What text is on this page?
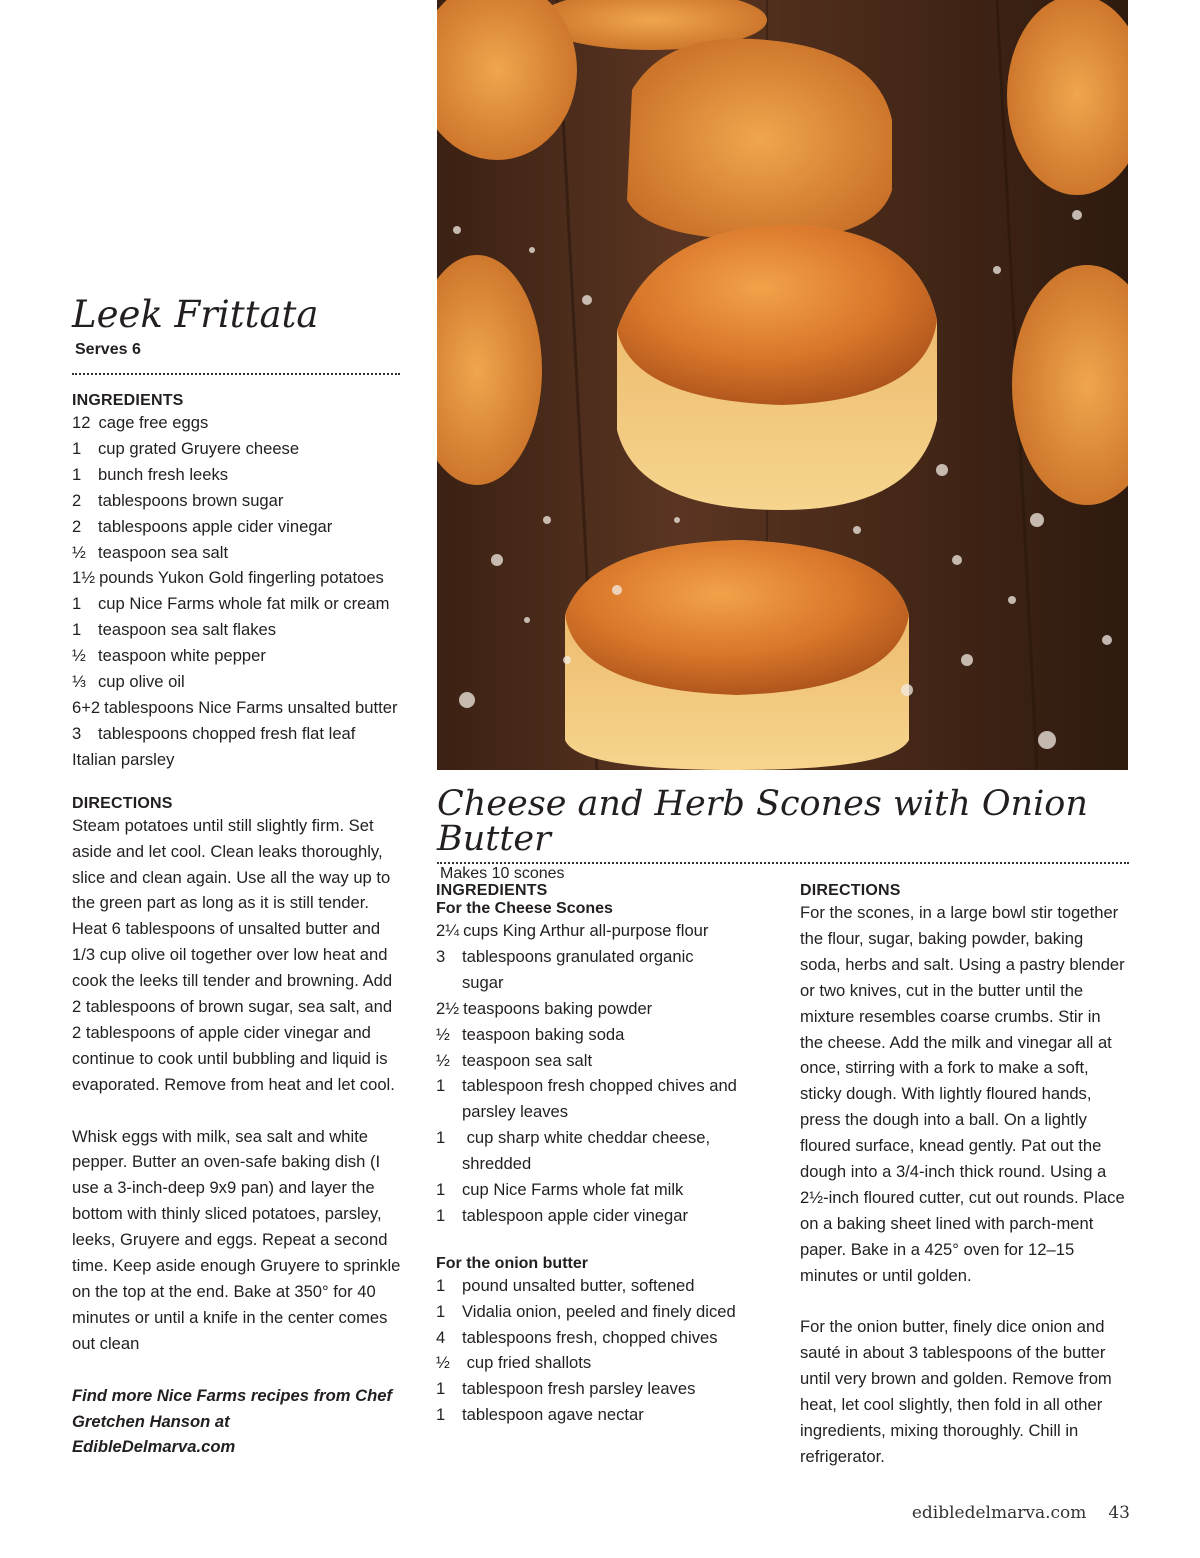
Leek Frittata
Serves 6
INGREDIENTS
12 cage free eggs
1	cup grated Gruyere cheese
1	bunch fresh leeks
2	tablespoons brown sugar
2	tablespoons apple cider vinegar
½ teaspoon sea salt
1½ pounds Yukon Gold fingerling potatoes
1	cup Nice Farms whole fat milk or cream
1	teaspoon sea salt flakes
½ teaspoon white pepper
⅓ cup olive oil
6+2 tablespoons Nice Farms unsalted butter
3	tablespoons chopped fresh flat leaf
Italian parsley
DIRECTIONS

Steam potatoes until still slightly firm. Set aside and let cool. Clean leaks thoroughly, slice and clean again. Use all the way up to the green part as long as it is still tender. Heat 6 tablespoons of unsalted butter and 1/3 cup olive oil together over low heat and cook the leeks till tender and browning. Add 2 tablespoons of brown sugar, sea salt, and 2 tablespoons of apple cider vinegar and continue to cook until bubbling and liquid is evaporated. Remove from heat and let cool.

Whisk eggs with milk, sea salt and white pepper. Butter an oven-safe baking dish (I use a 3-inch-deep 9x9 pan) and layer the bottom with thinly sliced potatoes, parsley, leeks, Gruyere and eggs. Repeat a second time. Keep aside enough Gruyere to sprinkle on the top at the end. Bake at 350° for 40 minutes or until a knife in the center comes out clean

Find more Nice Farms recipes from Chef Gretchen Hanson at EdibleDelmarva.com
Cheese and Herb Scones with Onion Butter
Makes 10 scones
INGREDIENTS
For the Cheese Scones
2¼ cups King Arthur all-purpose flour
3	tablespoons granulated organic sugar
2½ teaspoons baking powder
½ teaspoon baking soda
½ teaspoon sea salt
1	tablespoon fresh chopped chives and parsley leaves
1	cup sharp white cheddar cheese, shredded
1	cup Nice Farms whole fat milk
1	tablespoon apple cider vinegar
For the onion butter
1	pound unsalted butter, softened
1	Vidalia onion, peeled and finely diced
4	tablespoons fresh, chopped chives
½ cup fried shallots
1	tablespoon fresh parsley leaves
1	tablespoon agave nectar
DIRECTIONS

For the scones, in a large bowl stir together the flour, sugar, baking powder, baking soda, herbs and salt. Using a pastry blender or two knives, cut in the butter until the mixture resembles coarse crumbs. Stir in the cheese. Add the milk and vinegar all at once, stirring with a fork to make a soft, sticky dough. With lightly floured hands, press the dough into a ball. On a lightly floured surface, knead gently. Pat out the dough into a 3/4-inch thick round. Using a 2½-inch floured cutter, cut out rounds. Place on a baking sheet lined with parch-ment paper. Bake in a 425° oven for 12–15 minutes or until golden.

For the onion butter, finely dice onion and sauté in about 3 tablespoons of the butter until very brown and golden. Remove from heat, let cool slightly, then fold in all other ingredients, mixing thoroughly. Chill in refrigerator.

edibledelmarva.com 43
